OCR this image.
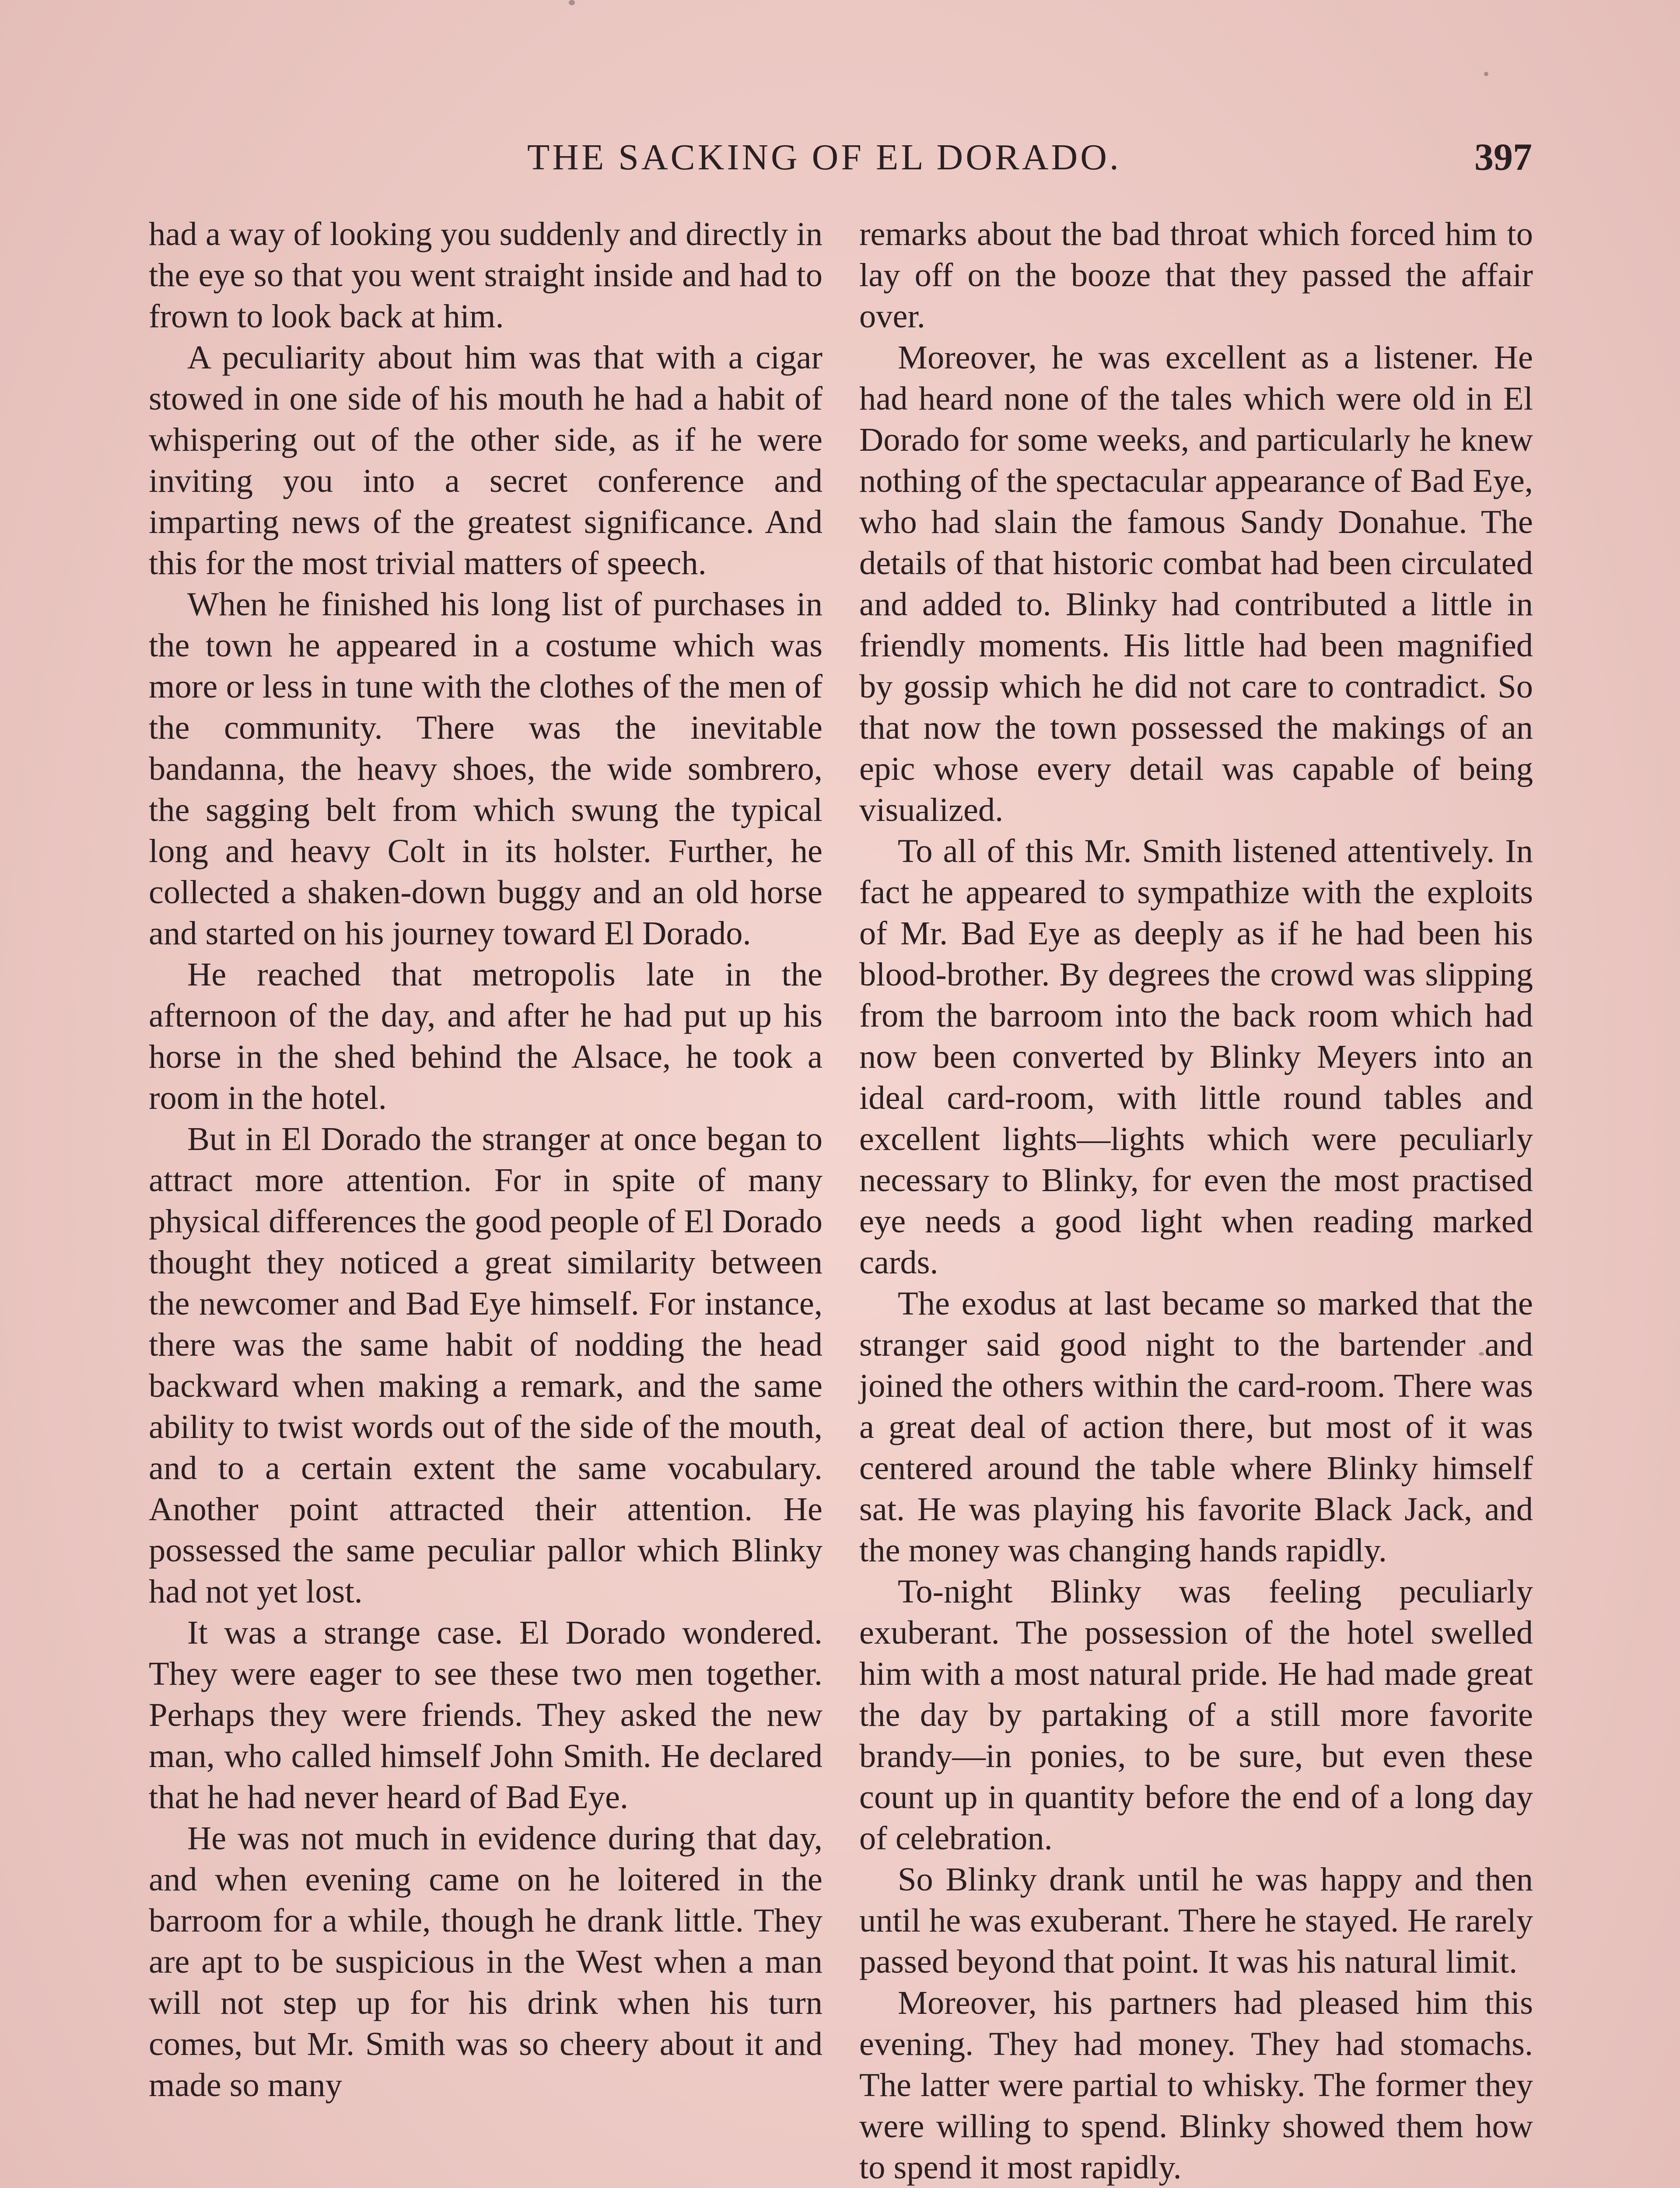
THE SACKING OF EL DORADO.	397

had a way of looking you suddenly and directly in the eye so that you went straight inside and had to frown to look back at him.

A peculiarity about him was that with a cigar stowed in one side of his mouth he had a habit of whispering out of the other side, as if he were inviting you into a secret conference and imparting news of the greatest significance. And this for the most trivial matters of speech.

When he finished his long list of purchases in the town he appeared in a costume which was more or less in tune with the clothes of the men of the community. There was the inevitable bandanna, the heavy shoes, the wide sombrero, the sagging belt from which swung the typical long and heavy Colt in its holster. Further, he collected a shaken-down buggy and an old horse and started on his journey toward El Dorado.

He reached that metropolis late in the afternoon of the day, and after he had put up his horse in the shed behind the Alsace, he took a room in the hotel.

But in El Dorado the stranger at once began to attract more attention. For in spite of many physical differences the good people of El Dorado thought they noticed a great similarity between the newcomer and Bad Eye himself. For instance, there was the same habit of nodding the head backward when making a remark, and the same ability to twist words out of the side of the mouth, and to a certain extent the same vocabulary. Another point attracted their attention. He possessed the same peculiar pallor which Blinky had not yet lost.

It was a strange case. El Dorado wondered. They were eager to see these two men together. Perhaps they were friends. They asked the new man, who called himself John Smith. He declared that he had never heard of Bad Eye.

He was not much in evidence during that day, and when evening came on he loitered in the barroom for a while, though he drank little. They are apt to be suspicious in the West when a man will not step up for his drink when his turn comes, but Mr. Smith was so cheery about it and made so many

remarks about the bad throat which forced him to lay off on the booze that they passed the affair over.

Moreover, he was excellent as a listener. He had heard none of the tales which were old in El Dorado for some weeks, and particularly he knew nothing of the spectacular appearance of Bad Eye, who had slain the famous Sandy Donahue. The details of that historic combat had been circulated and added to. Blinky had contributed a little in friendly moments. His little had been magnified by gossip which he did not care to contradict. So that now the town possessed the makings of an epic whose every detail was capable of being visualized.

To all of this Mr. Smith listened attentively. In fact he appeared to sympathize with the exploits of Mr. Bad Eye as deeply as if he had been his blood-brother. By degrees the crowd was slipping from the barroom into the back room which had now been converted by Blinky Meyers into an ideal card-room, with little round tables and excellent lights—lights which were peculiarly necessary to Blinky, for even the most practised eye needs a good light when reading marked cards.

The exodus at last became so marked that the stranger said good night to the bartender and joined the others within the card-room. There was a great deal of action there, but most of it was centered around the table where Blinky himself sat. He was playing his favorite Black Jack, and the money was changing hands rapidly.

To-night Blinky was feeling peculiarly exuberant. The possession of the hotel swelled him with a most natural pride. He had made great the day by partaking of a still more favorite brandy—in ponies, to be sure, but even these count up in quantity before the end of a long day of celebration.

So Blinky drank until he was happy and then until he was exuberant. There he stayed. He rarely passed beyond that point. It was his natural limit.

Moreover, his partners had pleased him this evening. They had money. They had stomachs. The latter were partial to whisky. The former they were willing to spend. Blinky showed them how to spend it most rapidly.
